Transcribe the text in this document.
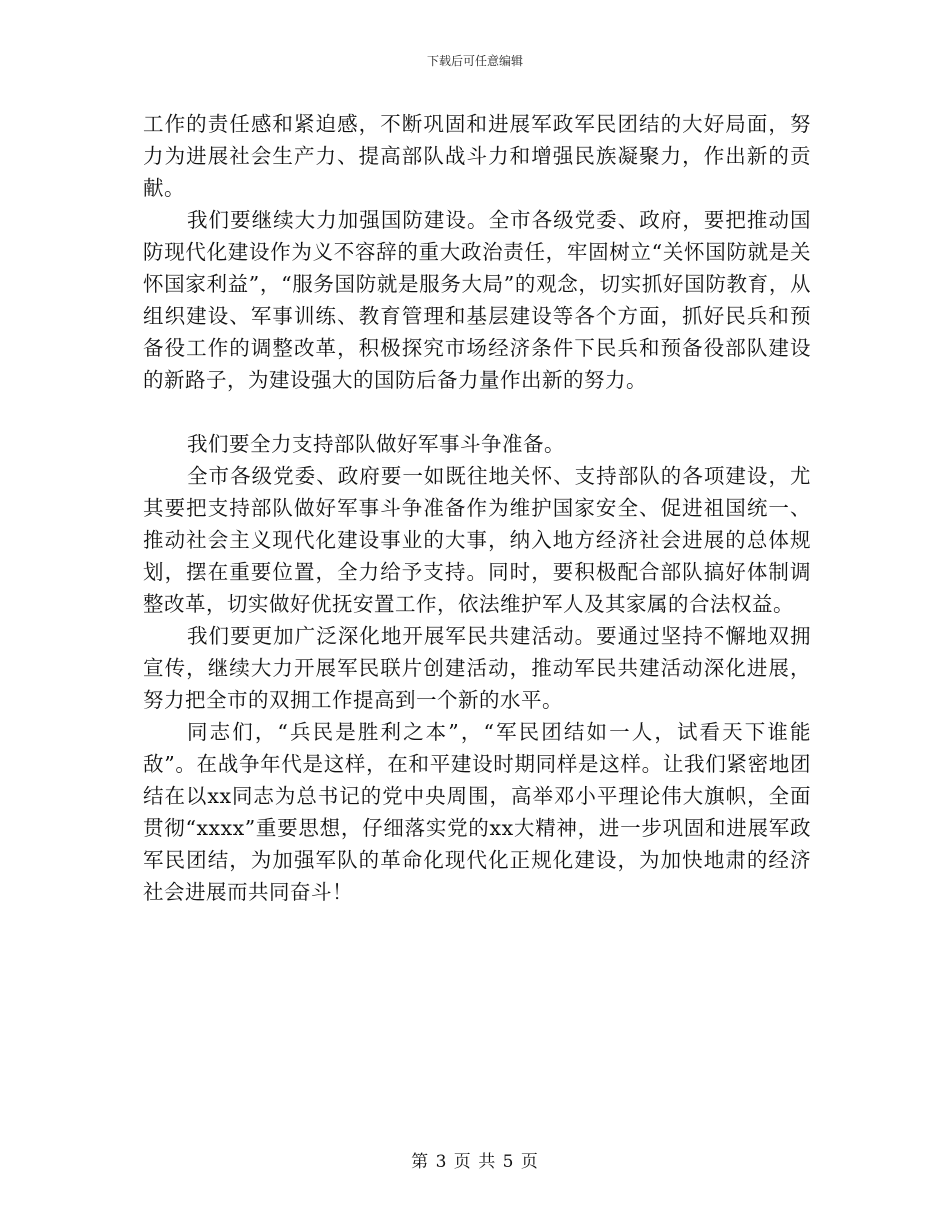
下载后可任意编辑

工作的责任感和紧迫感，不断巩固和进展军政军民团结的大好局面，努力为进展社会生产力、提高部队战斗力和增强民族凝聚力，作出新的贡献。

我们要继续大力加强国防建设。全市各级党委、政府，要把推动国防现代化建设作为义不容辞的重大政治责任，牢固树立“关怀国防就是关怀国家利益”，“服务国防就是服务大局”的观念，切实抓好国防教育，从组织建设、军事训练、教育管理和基层建设等各个方面，抓好民兵和预备役工作的调整改革，积极探究市场经济条件下民兵和预备役部队建设的新路子，为建设强大的国防后备力量作出新的努力。

我们要全力支持部队做好军事斗争准备。

全市各级党委、政府要一如既往地关怀、支持部队的各项建设，尤其要把支持部队做好军事斗争准备作为维护国家安全、促进祖国统一、推动社会主义现代化建设事业的大事，纳入地方经济社会进展的总体规划，摆在重要位置，全力给予支持。同时，要积极配合部队搞好体制调整改革，切实做好优抚安置工作，依法维护军人及其家属的合法权益。

我们要更加广泛深化地开展军民共建活动。要通过坚持不懈地双拥宣传，继续大力开展军民联片创建活动，推动军民共建活动深化进展，努力把全市的双拥工作提高到一个新的水平。

同志们，“兵民是胜利之本”，“军民团结如一人，试看天下谁能敌”。在战争年代是这样，在和平建设时期同样是这样。让我们紧密地团结在以xx同志为总书记的党中央周围，高举邓小平理论伟大旗帜，全面贯彻“xxxx”重要思想，仔细落实党的xx大精神，进一步巩固和进展军政军民团结，为加强军队的革命化现代化正规化建设，为加快地肃的经济社会进展而共同奋斗！

第 3 页 共 5 页
